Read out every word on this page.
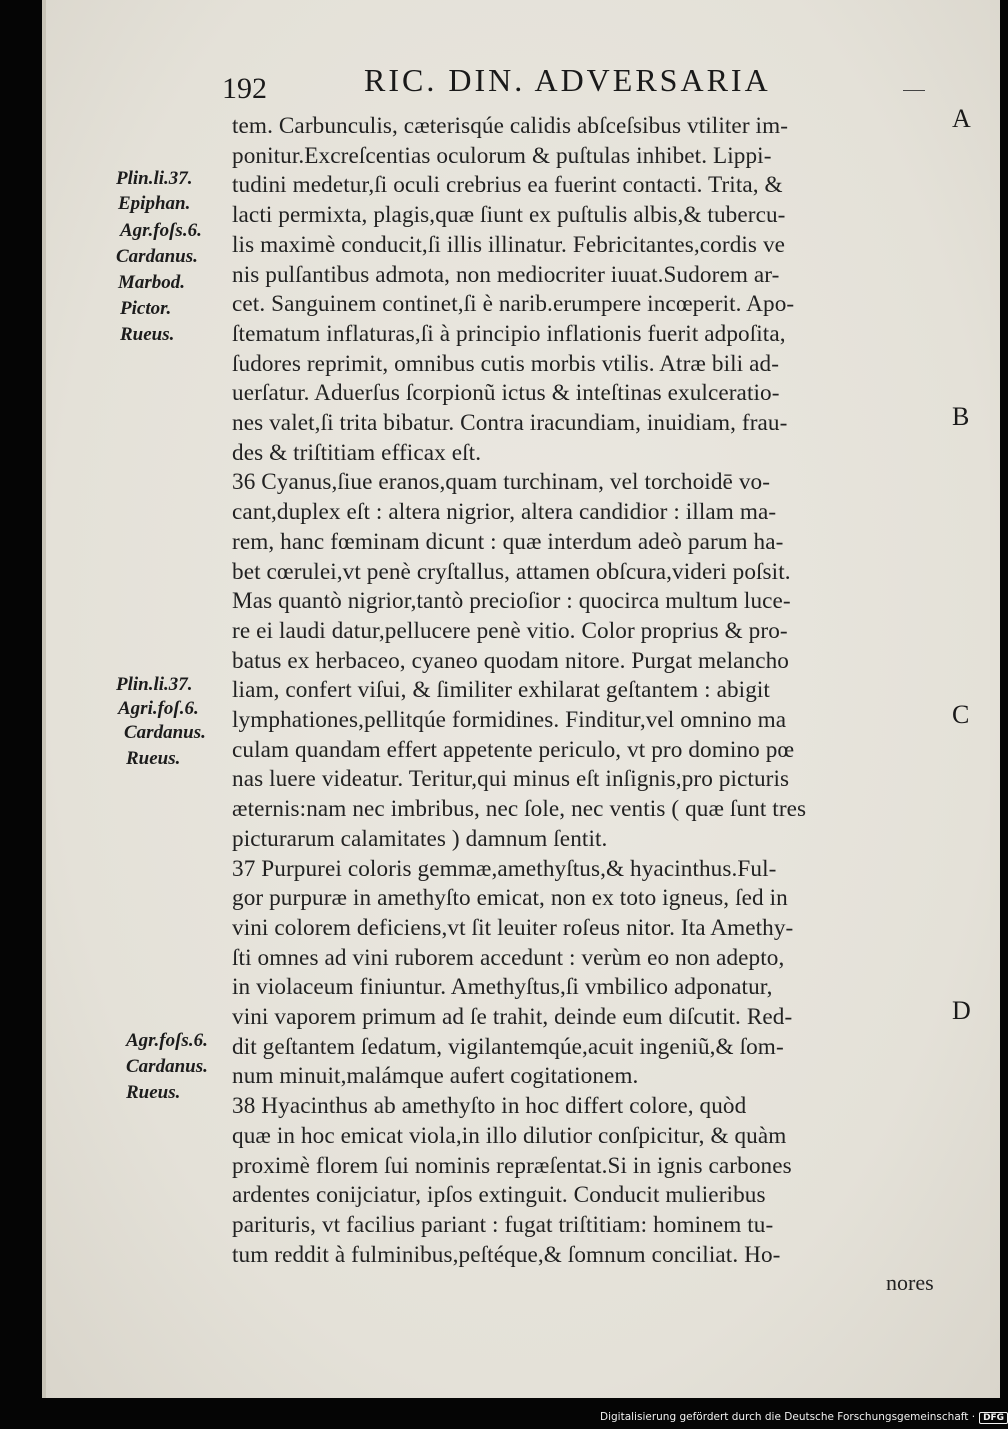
192	RIC. DIN. ADVERSARIA
tem. Carbunculis, cæterisqúe calidis abſceſsibus vtiliter im-
ponitur.Excreſcentias oculorum & puſtulas inhibet. Lippi-
tudini medetur,ſi oculi crebrius ea fuerint contacti. Trita, &
lacti permixta, plagis,quæ ſiunt ex puſtulis albis,& tubercu-
lis maximè conducit,ſi illis illinatur. Febricitantes,cordis ve
nis pulſantibus admota, non mediocriter iuuat.Sudorem ar-
cet. Sanguinem continet,ſi è narib.erumpere incœperit. Apo-
ſtematum inflaturas,ſi à principio inflationis fuerit adpoſita,
ſudores reprimit, omnibus cutis morbis vtilis. Atræ bili ad-
uerſatur. Aduerſus ſcorpionũ ictus & inteſtinas exulceratio-
nes valet,ſi trita bibatur. Contra iracundiam, inuidiam, frau-
des & triſtitiam efficax eſt.
36 Cyanus,ſiue eranos,quam turchinam, vel torchoidē vo-
cant,duplex eſt : altera nigrior, altera candidior : illam ma-
rem, hanc fœminam dicunt : quæ interdum adeò parum ha-
bet cœrulei,vt penè cryſtallus, attamen obſcura,videri poſsit.
Mas quantò nigrior,tantò precioſior : quocirca multum luce-
re ei laudi datur,pellucere penè vitio. Color proprius & pro-
batus ex herbaceo, cyaneo quodam nitore. Purgat melancho
liam, confert viſui, & ſimiliter exhilarat geſtantem : abigit
lymphationes,pellitqúe formidines. Finditur,vel omnino ma
culam quandam effert appetente periculo, vt pro domino pœ
nas luere videatur. Teritur,qui minus eſt inſignis,pro picturis
æternis:nam nec imbribus, nec ſole, nec ventis ( quæ ſunt tres
picturarum calamitates ) damnum ſentit.
37 Purpurei coloris gemmæ,amethyſtus,& hyacinthus.Ful-
gor purpuræ in amethyſto emicat, non ex toto igneus, ſed in
vini colorem deficiens,vt ſit leuiter roſeus nitor. Ita Amethy-
ſti omnes ad vini ruborem accedunt : verùm eo non adepto,
in violaceum finiuntur. Amethyſtus,ſi vmbilico adponatur,
vini vaporem primum ad ſe trahit, deinde eum diſcutit. Red-
dit geſtantem ſedatum, vigilantemqúe,acuit ingeniũ,& ſom-
num minuit,malámque aufert cogitationem.
38 Hyacinthus ab amethyſto in hoc differt colore, quòd
quæ in hoc emicat viola,in illo dilutior conſpicitur, & quàm
proximè florem ſui nominis repræſentat.Si in ignis carbones
ardentes conijciatur, ipſos extinguit. Conducit mulieribus
parituris, vt facilius pariant : fugat triſtitiam: hominem tu-
tum reddit à fulminibus,peſtéque,& ſomnum conciliat. Ho-
Plin.li.37.
Epiphan.
Agr.foſs.6.
Cardanus.
Marbod.
Pictor.
Rueus.
Plin.li.37.
Agri.foſ.6.
Cardanus.
Rueus.
Agr.foſs.6.
Cardanus.
Rueus.
A
B
C
D
nores
Digitalisierung gefördert durch die Deutsche Forschungsgemeinschaft · DFG
